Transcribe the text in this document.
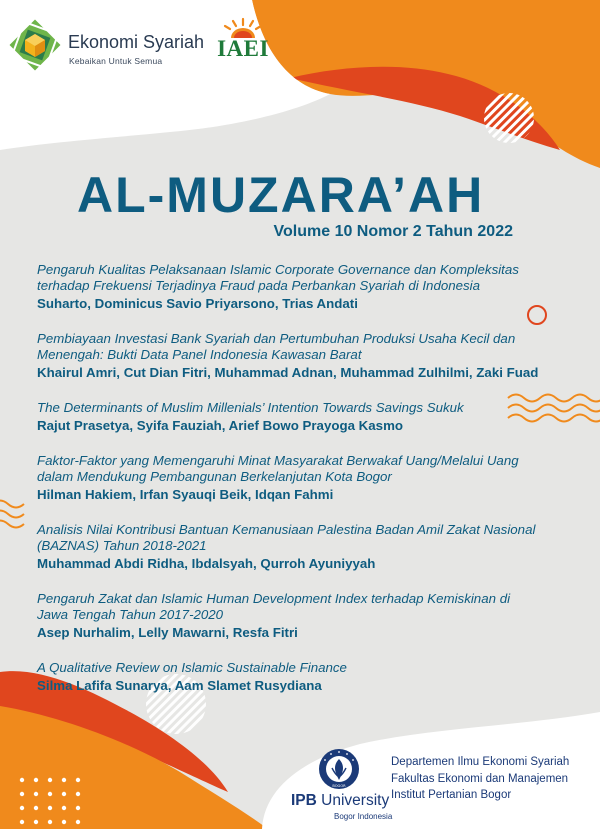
Ekonomi Syariah
Kebaikan Untuk Semua IAEI
AL-MUZARA’AH
Volume 10 Nomor 2 Tahun 2022
Pengaruh Kualitas Pelaksanaan Islamic Corporate Governance dan Kompleksitas
terhadap Frekuensi Terjadinya Fraud pada Perbankan Syariah di Indonesia
Suharto, Dominicus Savio Priyarsono, Trias Andati
Pembiayaan Investasi Bank Syariah dan Pertumbuhan Produksi Usaha Kecil dan
Menengah: Bukti Data Panel Indonesia Kawasan Barat
Khairul Amri, Cut Dian Fitri, Muhammad Adnan, Muhammad Zulhilmi, Zaki Fuad
The Determinants of Muslim Millenials’ Intention Towards Savings Sukuk
Rajut Prasetya, Syifa Fauziah, Arief Bowo Prayoga Kasmo
Faktor-Faktor yang Memengaruhi Minat Masyarakat Berwakaf Uang/Melalui Uang
dalam Mendukung Pembangunan Berkelanjutan Kota Bogor
Hilman Hakiem, Irfan Syauqi Beik, Idqan Fahmi
Analisis Nilai Kontribusi Bantuan Kemanusiaan Palestina Badan Amil Zakat Nasional
(BAZNAS) Tahun 2018-2021
Muhammad Abdi Ridha, Ibdalsyah, Qurroh Ayuniyyah
Pengaruh Zakat dan Islamic Human Development Index terhadap Kemiskinan di
Jawa Tengah Tahun 2017-2020
Asep Nurhalim, Lelly Mawarni, Resfa Fitri
A Qualitative Review on Islamic Sustainable Finance
Silma Lafifa Sunarya, Aam Slamet Rusydiana
BOGOR
IPB University
Bogor Indonesia
Departemen Ilmu Ekonomi Syariah
Fakultas Ekonomi dan Manajemen
Institut Pertanian Bogor
